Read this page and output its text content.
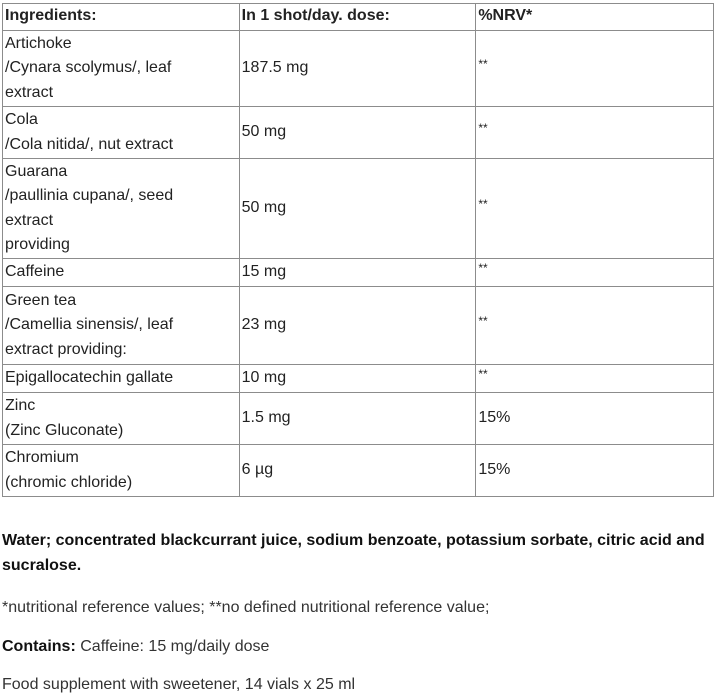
Ingredients:	In 1 shot/day. dose:	%NRV*

Artichoke
/Cynara scolymus/, leaf
extract	187.5 mg	**

Cola
/Cola nitida/, nut extract	50 mg	**

Guarana
/paullinia cupana/, seed
extract
providing	50 mg	**

Caffeine	15 mg	**

Green tea
/Camellia sinensis/, leaf
extract providing:	23 mg	**

Epigallocatechin gallate	10 mg	**

Zinc
(Zinc Gluconate)	1.5 mg	15%

Chromium
(chromic chloride)	6 µg	15%

Water; concentrated blackcurrant juice, sodium benzoate, potassium sorbate, citric acid and sucralose.

*nutritional reference values; **no defined nutritional reference value;

Contains: Caffeine: 15 mg/daily dose

Food supplement with sweetener, 14 vials x 25 ml
